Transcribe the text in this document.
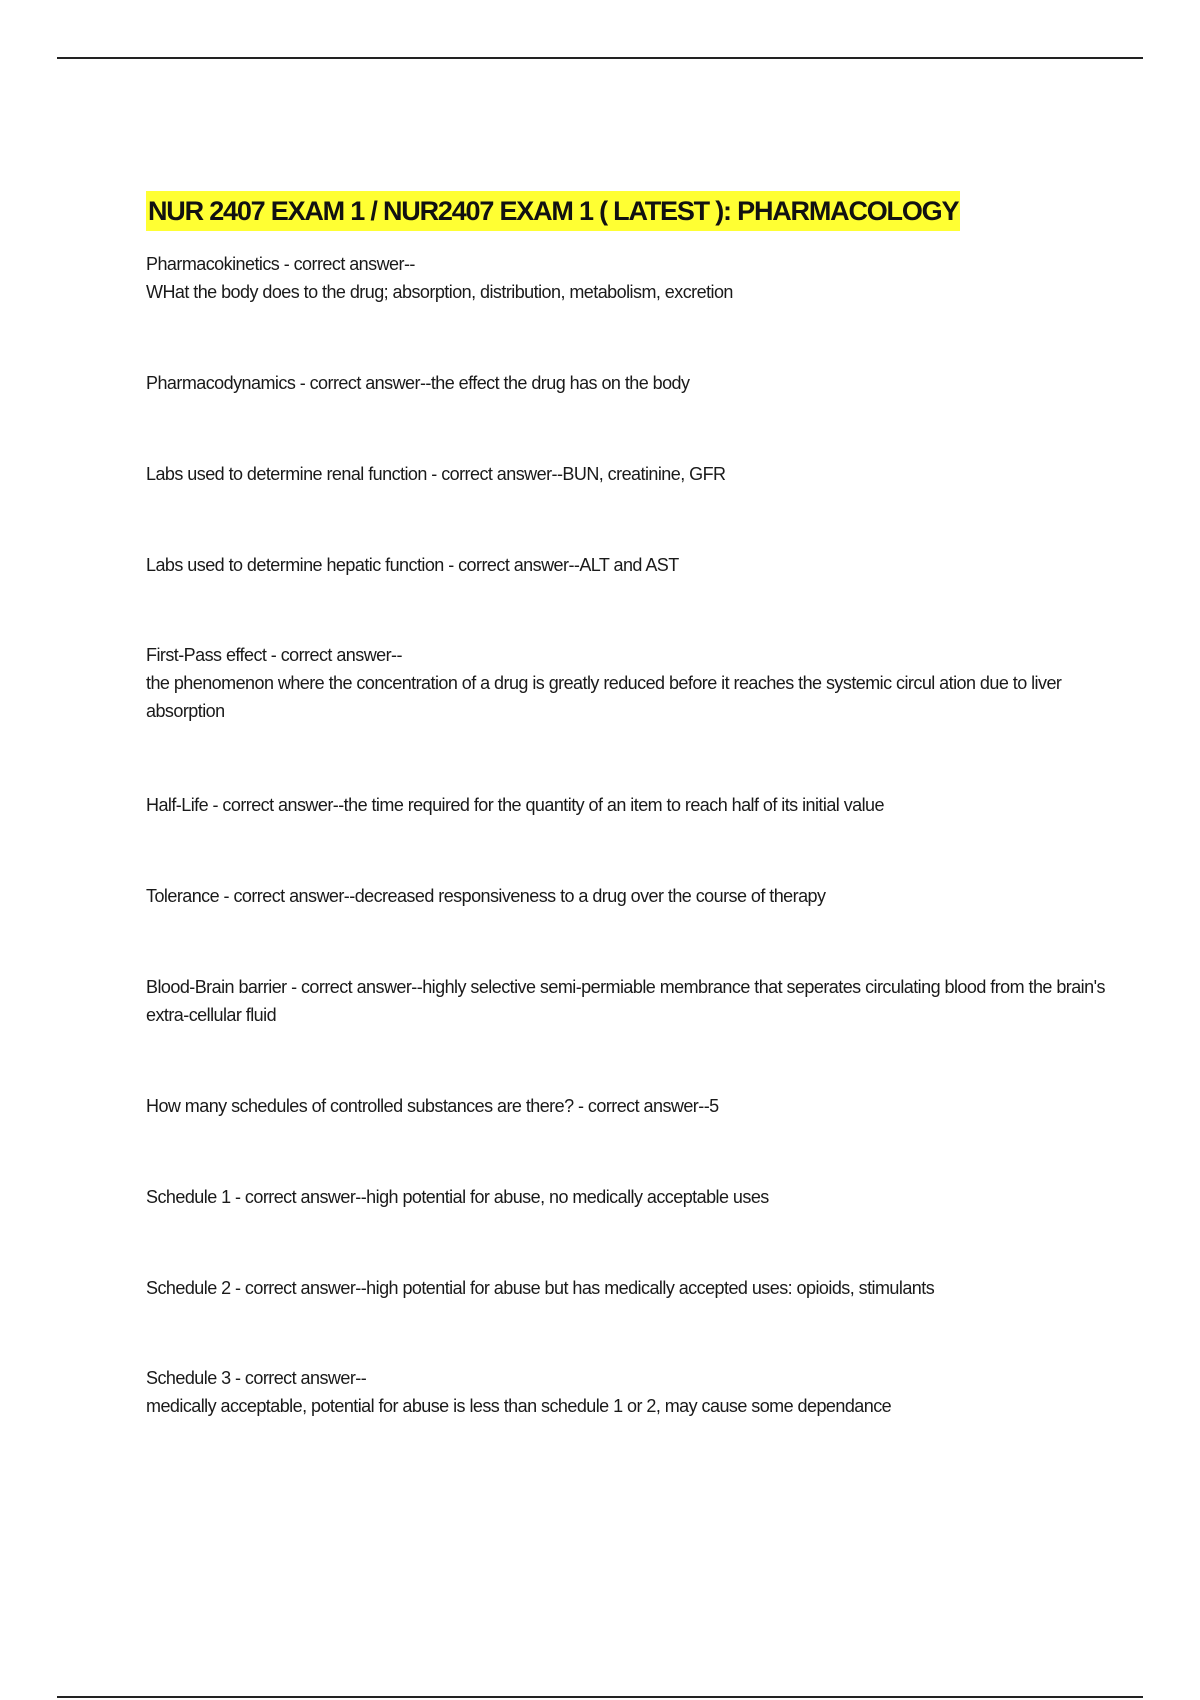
NUR 2407 EXAM 1 / NUR2407 EXAM 1 ( LATEST ): PHARMACOLOGY
Pharmacokinetics - correct answer--
WHat the body does to the drug; absorption, distribution, metabolism, excretion
Pharmacodynamics - correct answer--the effect the drug has on the body
Labs used to determine renal function - correct answer--BUN, creatinine, GFR
Labs used to determine hepatic function - correct answer--ALT and AST
First-Pass effect - correct answer--
the phenomenon where the concentration of a drug is greatly reduced before it reaches the systemic circul ation due to liver absorption
Half-Life - correct answer--the time required for the quantity of an item to reach half of its initial value
Tolerance - correct answer--decreased responsiveness to a drug over the course of therapy
Blood-Brain barrier - correct answer--highly selective semi-permiable membrance that seperates circulating blood from the brain's extra-cellular fluid
How many schedules of controlled substances are there? - correct answer--5
Schedule 1 - correct answer--high potential for abuse, no medically acceptable uses
Schedule 2 - correct answer--high potential for abuse but has medically accepted uses: opioids, stimulants
Schedule 3 - correct answer--
medically acceptable, potential for abuse is less than schedule 1 or 2, may cause some dependance
